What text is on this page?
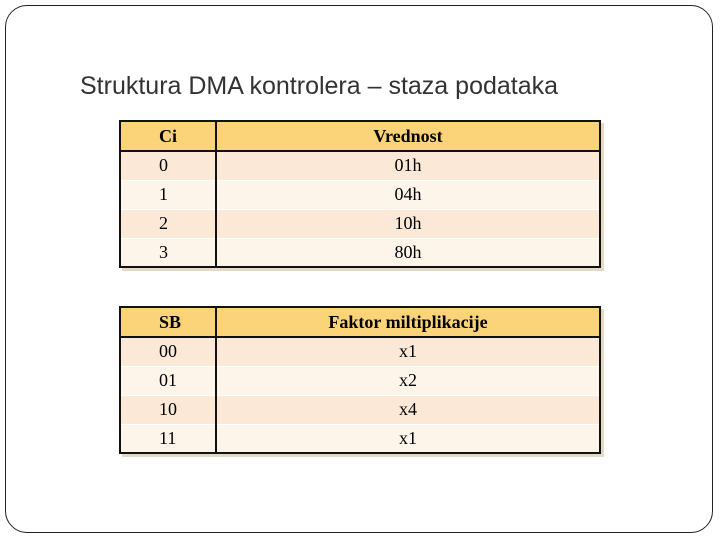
Struktura DMA kontrolera – staza podataka
Ci	Vrednost
0	01h
1	04h
2	10h
3	80h
SB	Faktor miltiplikacije
00	x1
01	x2
10	x4
11	x1
